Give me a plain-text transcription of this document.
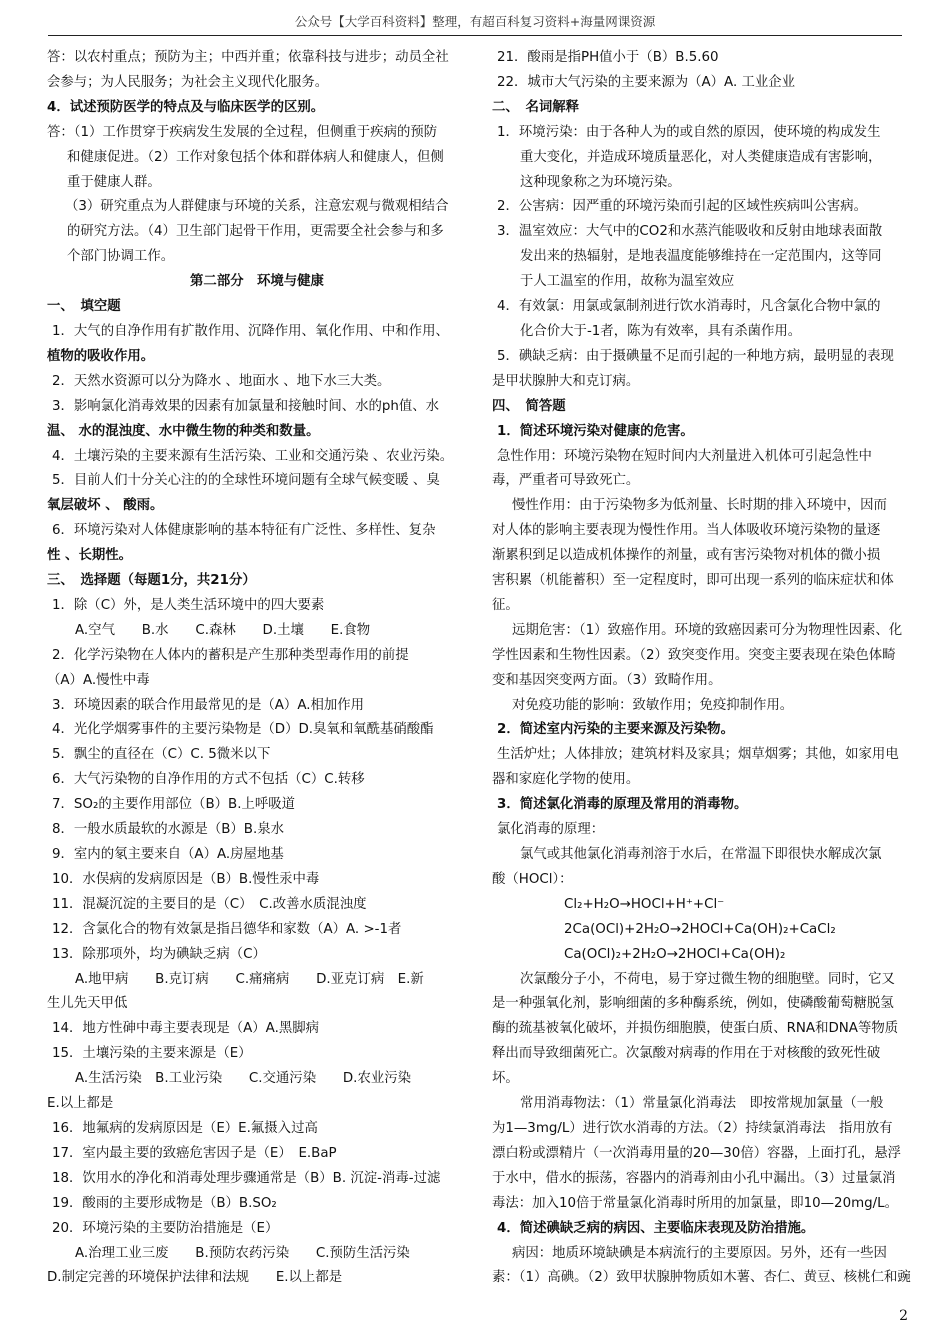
公众号【大学百科资料】整理，有超百科复习资料+海量网课资源
答：以农村重点；预防为主；中西并重；依靠科技与进步；动员全社
会参与；为人民服务；为社会主义现代化服务。
4．试述预防医学的特点及与临床医学的区别。
答：（1）工作贯穿于疾病发生发展的全过程，但侧重于疾病的预防
和健康促进。（2）工作对象包括个体和群体病人和健康人，但侧
重于健康人群。
（3）研究重点为人群健康与环境的关系，注意宏观与微观相结合
的研究方法。（4）卫生部门起骨干作用，更需要全社会参与和多
个部门协调工作。
第二部分　环境与健康
一、　填空题
1．大气的自净作用有扩散作用、沉降作用、氧化作用、中和作用、
植物的吸收作用。
2．天然水资源可以分为降水 、地面水 、地下水三大类。
3．影响氯化消毒效果的因素有加氯量和接触时间、水的ph值、水
温、 水的混浊度、水中微生物的种类和数量。
4．土壤污染的主要来源有生活污染、工业和交通污染 、农业污染。
5．目前人们十分关心注的的全球性环境问题有全球气候变暖 、臭
氧层破坏 、 酸雨。
6．环境污染对人体健康影响的基本特征有广泛性、多样性、复杂
性 、长期性。
三、　选择题（每题1分，共21分）
1．除（C）外，是人类生活环境中的四大要素
A.空气　　B.水　　C.森林　　D.土壤　　E.食物
2．化学污染物在人体内的蓄积是产生那种类型毒作用的前提
（A）A.慢性中毒
3．环境因素的联合作用最常见的是（A）A.相加作用
4．光化学烟雾事件的主要污染物是（D）D.臭氧和氧酰基硝酸酯
5．飘尘的直径在（C）C. 5微米以下
6．大气污染物的自净作用的方式不包括（C）C.转移
7．SO₂的主要作用部位（B）B.上呼吸道
8．一般水质最软的水源是（B）B.泉水
9．室内的氡主要来自（A）A.房屋地基
10．水俣病的发病原因是（B）B.慢性汞中毒
11．混凝沉淀的主要目的是（C）　C.改善水质混浊度
12．含氯化合的物有效氯是指吕德华和家数（A）A. >-1者
13．除那项外，均为碘缺乏病（C）
A.地甲病　　B.克订病　　C.痛痛病　　D.亚克订病　E.新
生儿先天甲低
14．地方性砷中毒主要表现是（A）A.黑脚病
15．土壤污染的主要来源是（E）
A.生活污染　B.工业污染　　C.交通污染　　D.农业污染
E.以上都是
16．地氟病的发病原因是（E）E.氟摄入过高
17．室内最主要的致癌危害因子是（E）　E.BaP
18．饮用水的净化和消毒处理步骤通常是（B）B. 沉淀-消毒-过滤
19．酸雨的主要形成物是（B）B.SO₂
20．环境污染的主要防治措施是（E）
A.治理工业三废　　B.预防农药污染　　C.预防生活污染
D.制定完善的环境保护法律和法规　　E.以上都是
21．酸雨是指PH值小于（B）B.5.60
22．城市大气污染的主要来源为（A）A. 工业企业
二、　名词解释
1．环境污染：由于各种人为的或自然的原因，使环境的构成发生
重大变化，并造成环境质量恶化，对人类健康造成有害影响，
这种现象称之为环境污染。
2．公害病：因严重的环境污染而引起的区域性疾病叫公害病。
3．温室效应：大气中的CO2和水蒸汽能吸收和反射由地球表面散
发出来的热辐射，是地表温度能够维持在一定范围内，这等同
于人工温室的作用，故称为温室效应
4．有效氯：用氯或氯制剂进行饮水消毒时，凡含氯化合物中氯的
化合价大于-1者，陈为有效率，具有杀菌作用。
5．碘缺乏病：由于摄碘量不足而引起的一种地方病，最明显的表现
是甲状腺肿大和克订病。
四、　简答题
1．简述环境污染对健康的危害。
急性作用：环境污染物在短时间内大剂量进入机体可引起急性中
毒，严重者可导致死亡。
慢性作用：由于污染物多为低剂量、长时期的排入环境中，因而
对人体的影响主要表现为慢性作用。当人体吸收环境污染物的量逐
渐累积到足以造成机体操作的剂量，或有害污染物对机体的微小损
害积累（机能蓄积）至一定程度时，即可出现一系列的临床症状和体
征。
远期危害：（1）致癌作用。环境的致癌因素可分为物理性因素、化
学性因素和生物性因素。（2）致突变作用。突变主要表现在染色体畸
变和基因突变两方面。（3）致畸作用。
对免疫功能的影响：致敏作用；免疫抑制作用。
2．简述室内污染的主要来源及污染物。
生活炉灶；人体排放；建筑材料及家具；烟草烟雾；其他，如家用电
器和家庭化学物的使用。
3．简述氯化消毒的原理及常用的消毒物。
氯化消毒的原理：
氯气或其他氯化消毒剂溶于水后，在常温下即很快水解成次氯
酸（HOCl）：
Cl₂+H₂O→HOCl+H⁺+Cl⁻
2Ca(OCl)+2H₂O→2HOCl+Ca(OH)₂+CaCl₂
Ca(OCl)₂+2H₂O→2HOCl+Ca(OH)₂
次氯酸分子小，不荷电，易于穿过微生物的细胞壁。同时，它又
是一种强氧化剂，影响细菌的多种酶系统，例如，使磷酸葡萄糖脱氢
酶的巯基被氧化破坏，并损伤细胞膜，使蛋白质、RNA和DNA等物质
释出而导致细菌死亡。次氯酸对病毒的作用在于对核酸的致死性破
坏。
常用消毒物法：（1）常量氯化消毒法　即按常规加氯量（一般
为1—3mg/L）进行饮水消毒的方法。（2）持续氯消毒法　指用放有
漂白粉或漂精片（一次消毒用量的20—30倍）容器，上面打孔，悬浮
于水中，借水的振荡，容器内的消毒剂由小孔中漏出。（3）过量氯消
毒法：加入10倍于常量氯化消毒时所用的加氯量，即10—20mg/L。
4．简述碘缺乏病的病因、主要临床表现及防治措施。
病因：地质环境缺碘是本病流行的主要原因。另外，还有一些因
素：（1）高碘。（2）致甲状腺肿物质如木薯、杏仁、黄豆、核桃仁和豌
2
